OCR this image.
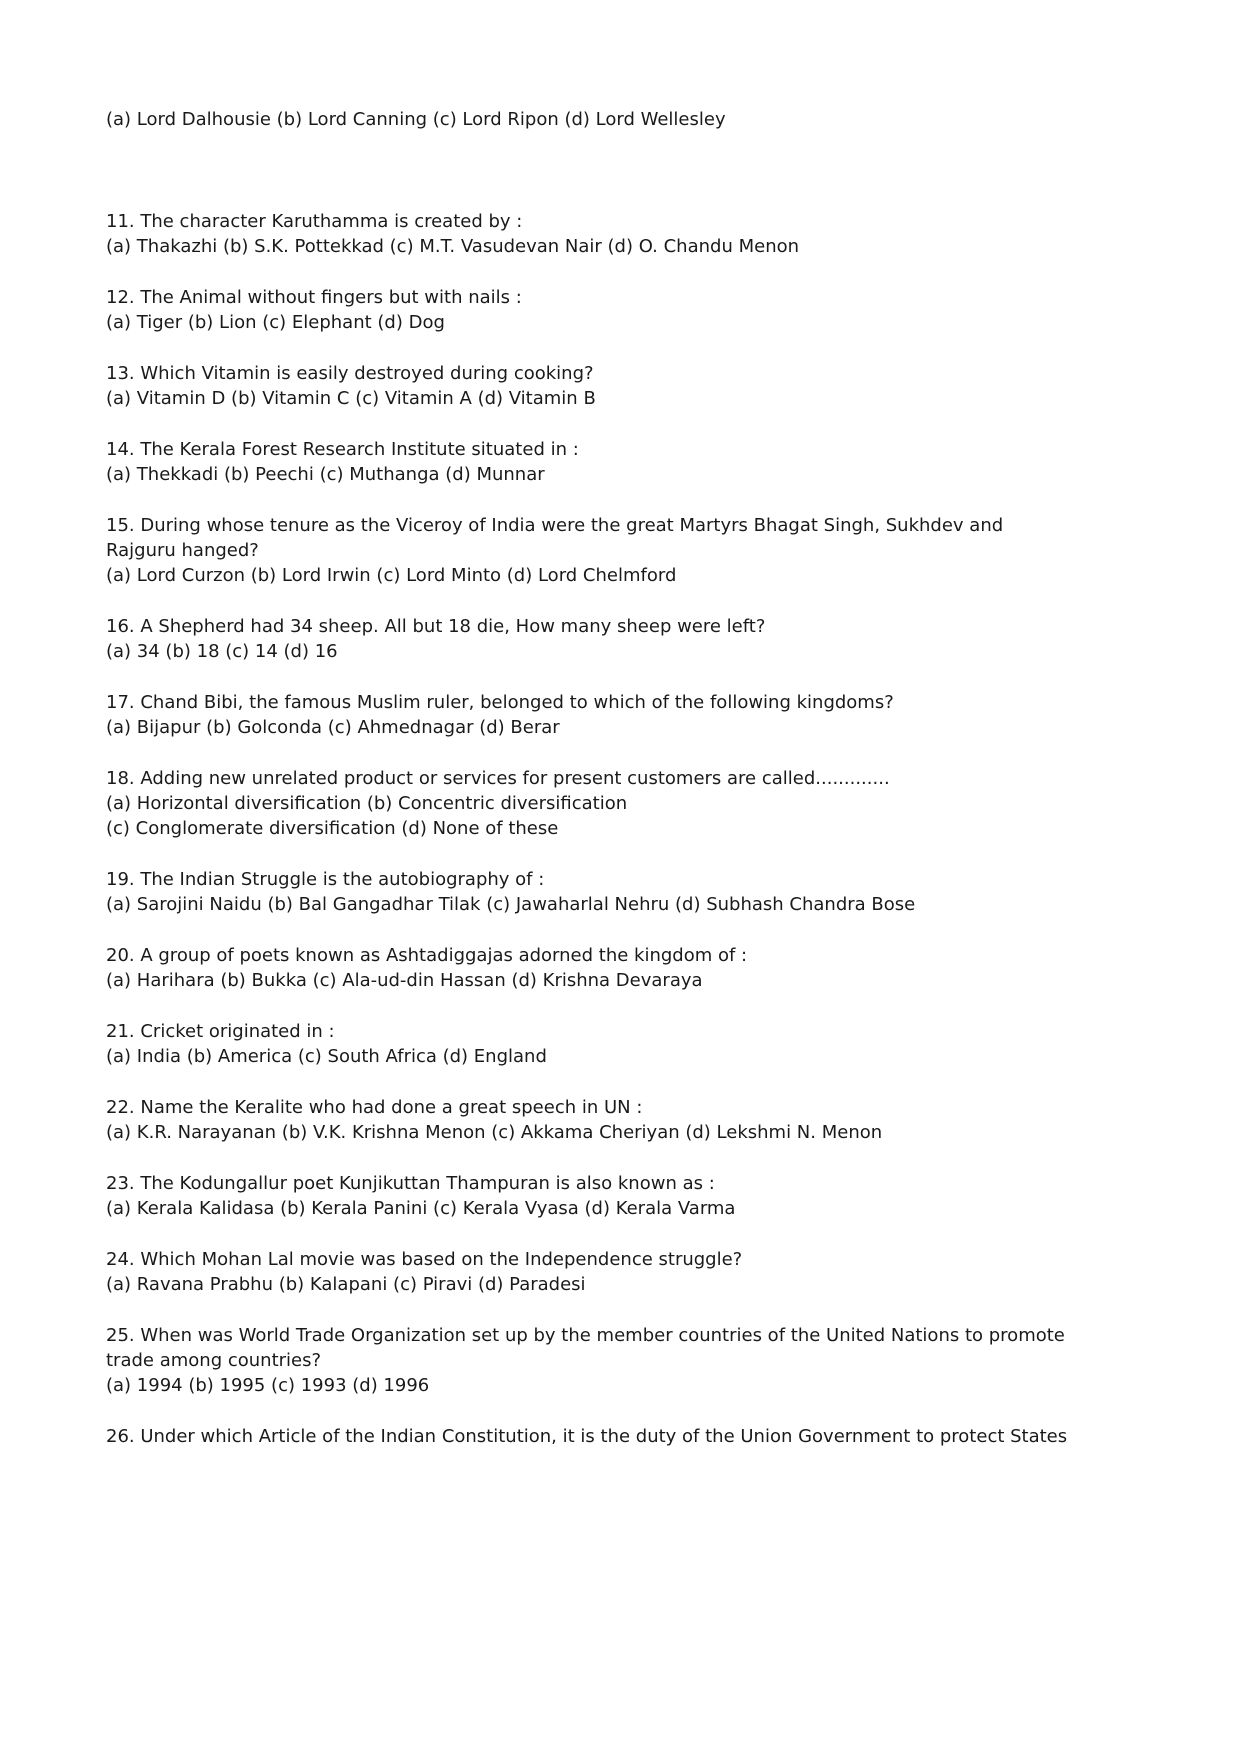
(a) Lord Dalhousie (b) Lord Canning (c) Lord Ripon (d) Lord Wellesley
11. The character Karuthamma is created by :
(a) Thakazhi (b) S.K. Pottekkad (c) M.T. Vasudevan Nair (d) O. Chandu Menon
12. The Animal without fingers but with nails :
(a) Tiger (b) Lion (c) Elephant (d) Dog
13. Which Vitamin is easily destroyed during cooking?
(a) Vitamin D (b) Vitamin C (c) Vitamin A (d) Vitamin B
14. The Kerala Forest Research Institute situated in :
(a) Thekkadi (b) Peechi (c) Muthanga (d) Munnar
15. During whose tenure as the Viceroy of India were the great Martyrs Bhagat Singh, Sukhdev and
Rajguru hanged?
(a) Lord Curzon (b) Lord Irwin (c) Lord Minto (d) Lord Chelmford
16. A Shepherd had 34 sheep. All but 18 die, How many sheep were left?
(a) 34 (b) 18 (c) 14 (d) 16
17. Chand Bibi, the famous Muslim ruler, belonged to which of the following kingdoms?
(a) Bijapur (b) Golconda (c) Ahmednagar (d) Berar
18. Adding new unrelated product or services for present customers are called.............
(a) Horizontal diversification (b) Concentric diversification
(c) Conglomerate diversification (d) None of these
19. The Indian Struggle is the autobiography of :
(a) Sarojini Naidu (b) Bal Gangadhar Tilak (c) Jawaharlal Nehru (d) Subhash Chandra Bose
20. A group of poets known as Ashtadiggajas adorned the kingdom of :
(a) Harihara (b) Bukka (c) Ala-ud-din Hassan (d) Krishna Devaraya
21. Cricket originated in :
(a) India (b) America (c) South Africa (d) England
22. Name the Keralite who had done a great speech in UN :
(a) K.R. Narayanan (b) V.K. Krishna Menon (c) Akkama Cheriyan (d) Lekshmi N. Menon
23. The Kodungallur poet Kunjikuttan Thampuran is also known as :
(a) Kerala Kalidasa (b) Kerala Panini (c) Kerala Vyasa (d) Kerala Varma
24. Which Mohan Lal movie was based on the Independence struggle?
(a) Ravana Prabhu (b) Kalapani (c) Piravi (d) Paradesi
25. When was World Trade Organization set up by the member countries of the United Nations to promote
trade among countries?
(a) 1994 (b) 1995 (c) 1993 (d) 1996
26. Under which Article of the Indian Constitution, it is the duty of the Union Government to protect States
